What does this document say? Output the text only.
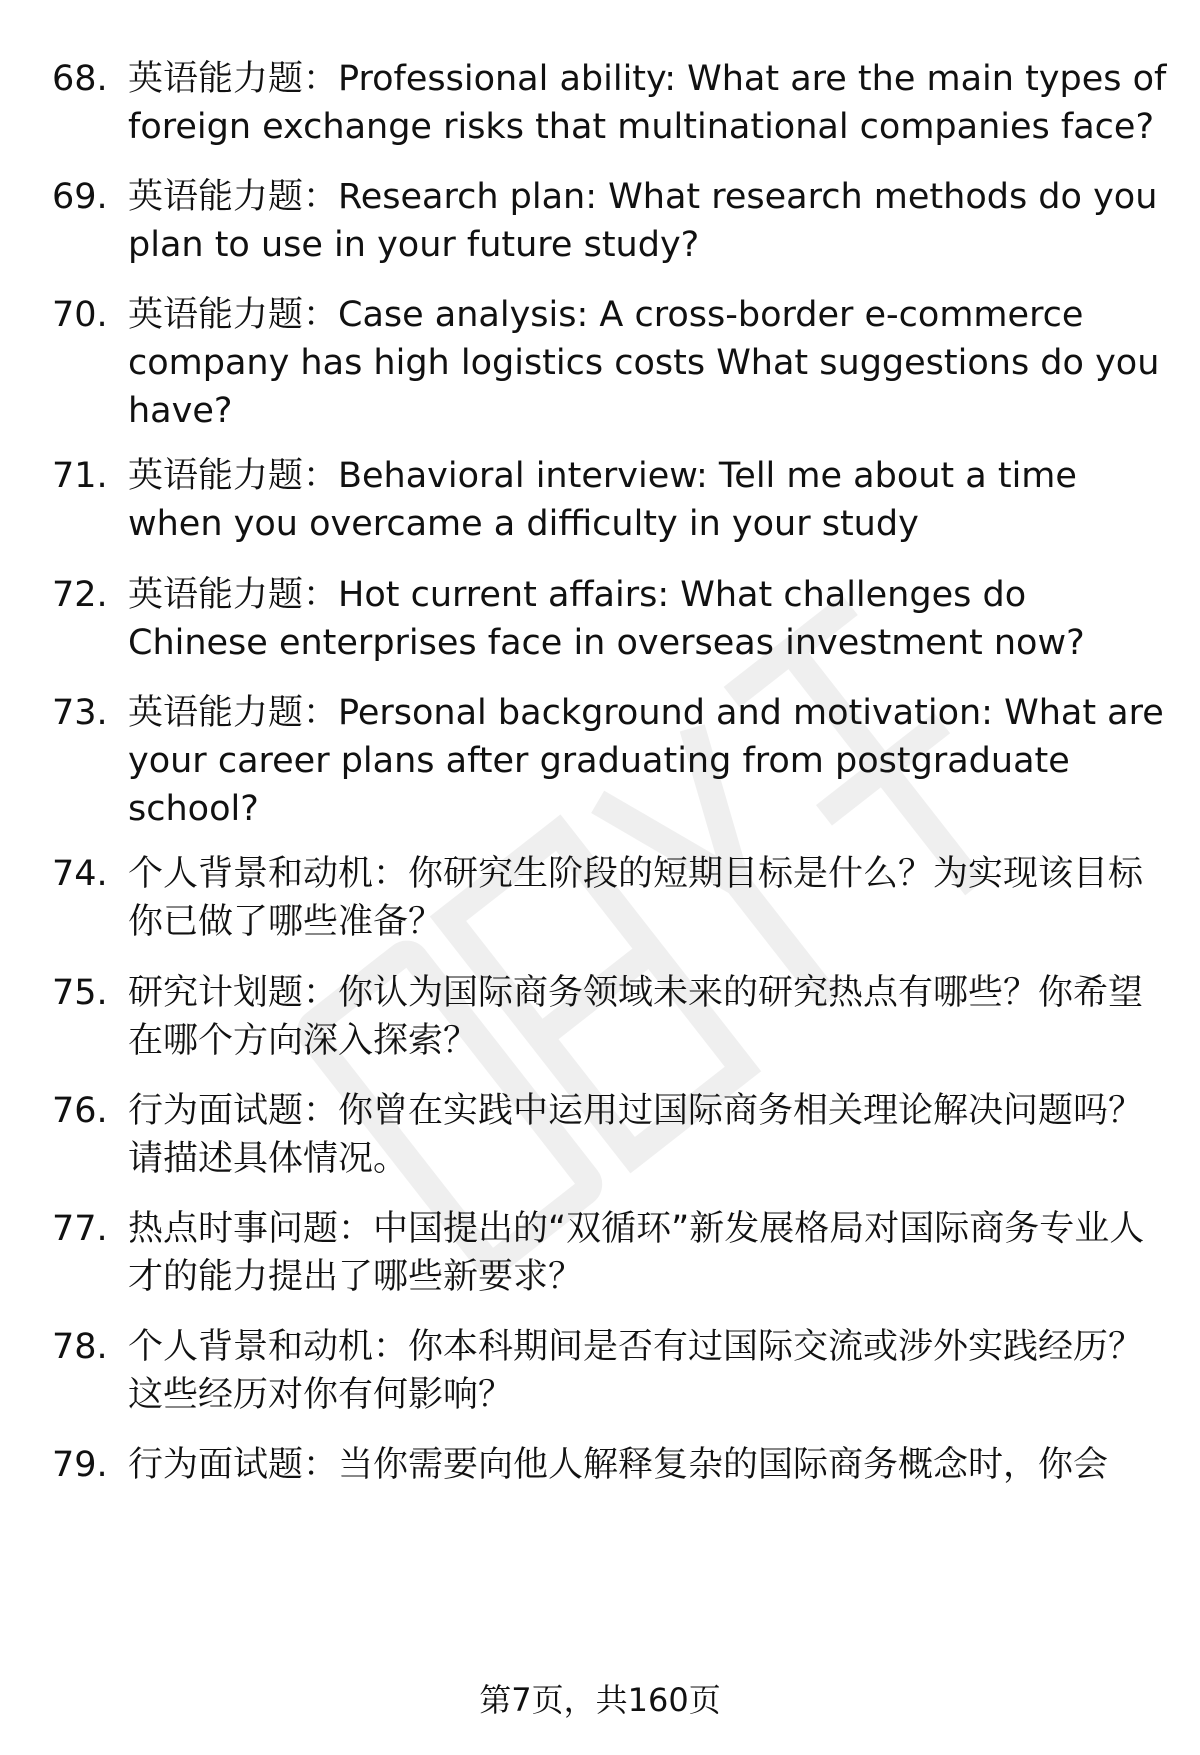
68. 英语能力题：Professional ability: What are the main types of foreign exchange risks that multinational companies face?
69. 英语能力题：Research plan: What research methods do you plan to use in your future study?
70. 英语能力题：Case analysis: A cross-border e-commerce company has high logistics costs What suggestions do you have?
71. 英语能力题：Behavioral interview: Tell me about a time when you overcame a difficulty in your study
72. 英语能力题：Hot current affairs: What challenges do Chinese enterprises face in overseas investment now?
73. 英语能力题：Personal background and motivation: What are your career plans after graduating from postgraduate school?
74. 个人背景和动机：你研究生阶段的短期目标是什么？为实现该目标你已做了哪些准备？
75. 研究计划题：你认为国际商务领域未来的研究热点有哪些？你希望在哪个方向深入探索？
76. 行为面试题：你曾在实践中运用过国际商务相关理论解决问题吗？请描述具体情况。
77. 热点时事问题：中国提出的“双循环”新发展格局对国际商务专业人才的能力提出了哪些新要求？
78. 个人背景和动机：你本科期间是否有过国际交流或涉外实践经历？这些经历对你有何影响？
79. 行为面试题：当你需要向他人解释复杂的国际商务概念时，你会
第7页，共160页
